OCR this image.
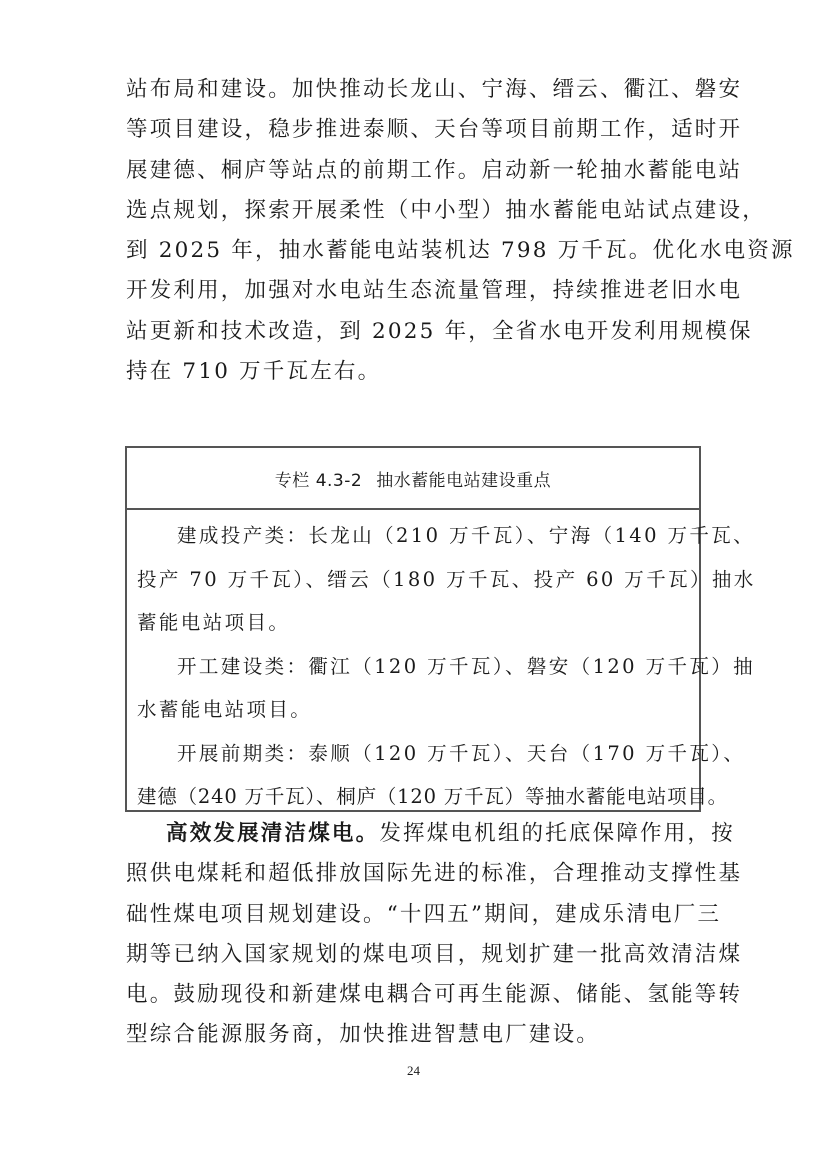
站布局和建设。加快推动长龙山、宁海、缙云、衢江、磐安
等项目建设，稳步推进泰顺、天台等项目前期工作，适时开
展建德、桐庐等站点的前期工作。启动新一轮抽水蓄能电站
选点规划，探索开展柔性（中小型）抽水蓄能电站试点建设，
到 2025 年，抽水蓄能电站装机达 798 万千瓦。优化水电资源
开发利用，加强对水电站生态流量管理，持续推进老旧水电
站更新和技术改造，到 2025 年，全省水电开发利用规模保
持在 710 万千瓦左右。
专栏 4.3-2 抽水蓄能电站建设重点
建成投产类：长龙山（210 万千瓦）、宁海（140 万千瓦、
投产 70 万千瓦）、缙云（180 万千瓦、投产 60 万千瓦）抽水
蓄能电站项目。
开工建设类：衢江（120 万千瓦）、磐安（120 万千瓦）抽
水蓄能电站项目。
开展前期类：泰顺（120 万千瓦）、天台（170 万千瓦）、
建德（240 万千瓦）、桐庐（120 万千瓦）等抽水蓄能电站项目。
高效发展清洁煤电。发挥煤电机组的托底保障作用，按
照供电煤耗和超低排放国际先进的标准，合理推动支撑性基
础性煤电项目规划建设。“十四五”期间，建成乐清电厂三
期等已纳入国家规划的煤电项目，规划扩建一批高效清洁煤
电。鼓励现役和新建煤电耦合可再生能源、储能、氢能等转
型综合能源服务商，加快推进智慧电厂建设。
24
